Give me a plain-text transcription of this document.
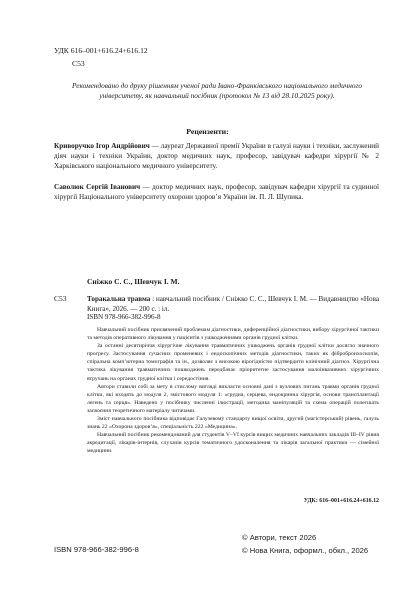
УДК 616–001+616.24+616.12
С53
Рекомендовано до друку рішенням ученої ради Івано-Франківського національного медичного університету, як навчальний посібник (протокол № 13 від 28.10.2025 року).
Рецензенти:
Криворучко Ігор Андрійович — лауреат Державної премії України в галузі науки і техніки, заслужений діяч науки і техніки України, доктор медичних наук, професор, завідувач кафедри хірургії № 2 Харківського національного медичного університету.
Саволюк Сергій Іванович — доктор медичних наук, професор, завідувач кафедри хірургії та судинної хірургії Національного університету охорони здоров’я України ім. П. Л. Шупика.
Сніжко С. С., Шевчук І. М.
С53	Торакальна травма : навчальний посібник / Сніжко С. С., Шевчук І. М. — Видавництво «Нова Книга», 2026. — 200 с. : іл.
ISBN 978-966-382-996-8

Навчальний посібник присвячений проблемам діагностики, диференційної діагностики, вибору хірургічної тактики та методів оперативного лікування у пацієнтів з ушкодженнями органів грудної клітки.

За останні десятиріччя хірургічне лікування травматичних ушкоджень органів грудної клітки досягло значного прогресу. Застосування сучасних променевих і ендоскопічних методів діагностики, таких як фібробронхоскопія, спіральна комп’ютерна томографія та ін., дозволяє з високою вірогідністю підтвердити клінічний діагноз. Хірургічна тактика лікування травматичних пошкоджень передбачає пріоритетне застосування малоінвазивних хірургічних втручань на органах грудної клітки і середостіння.

Автори ставили собі за мету в стислому вигляді викласти основні дані з вузлових питань травми органів грудної клітки, які входять до модуля 2, змістового модуля 1: «грудна, серцева, ендокринна хірургія, основи трансплантації легень та серця». Наведено у посібнику численні ілюстрації, методика маніпуляцій та схема операцій полегшать засвоєння теоретичного матеріалу читачами.

Зміст навчального посібника відповідає Галузевому стандарту вищої освіти, другий (магістерський) рівень, галузь знань 22 «Охорона здоров’я», спеціальність 222 «Медицина».

Навчальний посібник рекомендований для студентів V–VI курсів вищих медичних навчальних закладів ІІІ–IV рівня акредитації, лікарів-інтернів, слухачів курсів тематичного удосконалення та лікарів загальної практики — сімейної медицини.

УДК: 616–001+616.24+616.12
ISBN 978-966-382-996-8
© Автори, текст 2026
© Нова Книга, оформл., обкл., 2026
